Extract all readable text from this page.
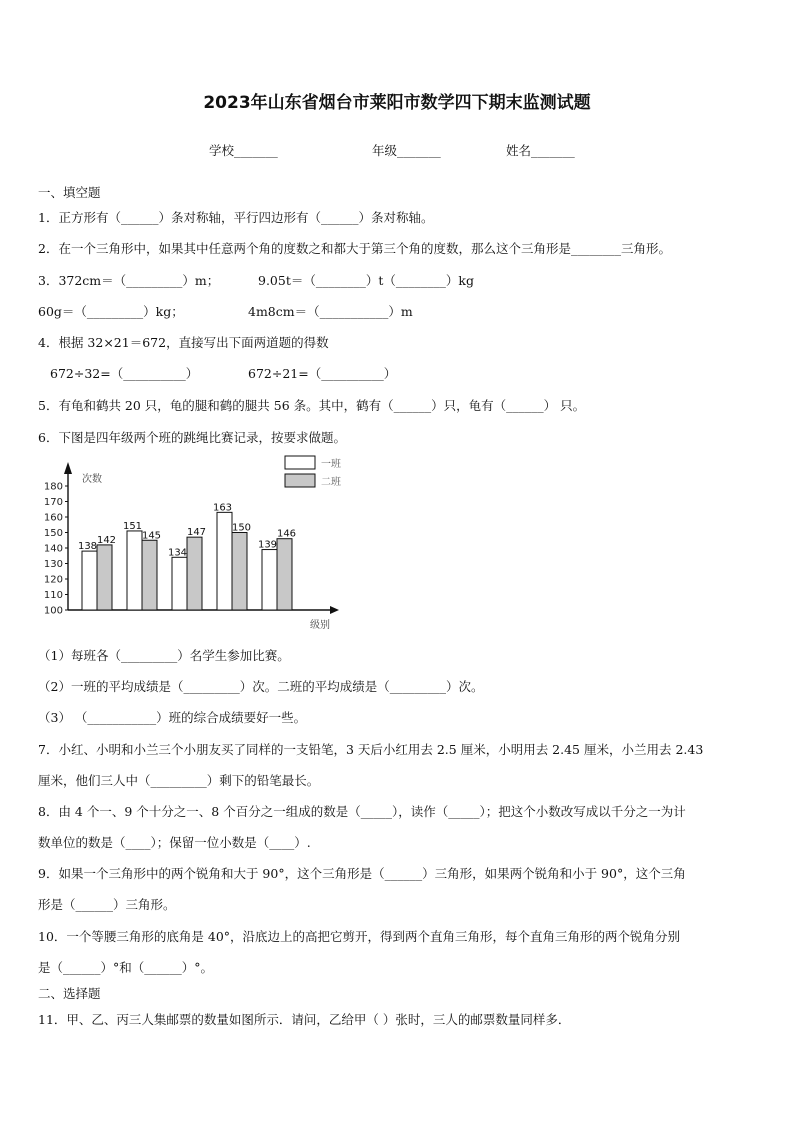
2023年山东省烟台市莱阳市数学四下期末监测试题
学校_______	年级_______	姓名_______
一、填空题
1．正方形有（______）条对称轴，平行四边形有（______）条对称轴。
2．在一个三角形中，如果其中任意两个角的度数之和都大于第三个角的度数，那么这个三角形是________三角形。
3．372cm＝（_________）m；	9.05t＝（________）t（________）kg
60g＝（_________）kg；	4m8cm＝（___________）m
4．根据 32×21＝672，直接写出下面两道题的得数
672÷32=（__________）	672÷21=（__________）
5．有龟和鹤共 20 只，龟的腿和鹤的腿共 56 条。其中，鹤有（______）只，龟有（______） 只。
6．下图是四年级两个班的跳绳比赛记录，按要求做题。
100
110
120
130
140
150
160
170
180
次数
级别
一班
二班
138
142
151
145
134
147
163
150
139
146
（1）每班各（_________）名学生参加比赛。
（2）一班的平均成绩是（_________）次。二班的平均成绩是（_________）次。
（3） （___________）班的综合成绩要好一些。
7．小红、小明和小兰三个小朋友买了同样的一支铅笔，3 天后小红用去 2.5 厘米，小明用去 2.45 厘米，小兰用去 2.43
厘米，他们三人中（_________）剩下的铅笔最长。
8．由 4 个一、9 个十分之一、8 个百分之一组成的数是（_____），读作（_____）；把这个小数改写成以千分之一为计
数单位的数是（____）；保留一位小数是（____）.
9．如果一个三角形中的两个锐角和大于 90°，这个三角形是（______）三角形，如果两个锐角和小于 90°，这个三角
形是（______）三角形。
10．一个等腰三角形的底角是 40°，沿底边上的高把它剪开，得到两个直角三角形，每个直角三角形的两个锐角分别
是（______）°和（______）°。
二、选择题
11．甲、乙、丙三人集邮票的数量如图所示．请问，乙给甲（ ）张时，三人的邮票数量同样多．
